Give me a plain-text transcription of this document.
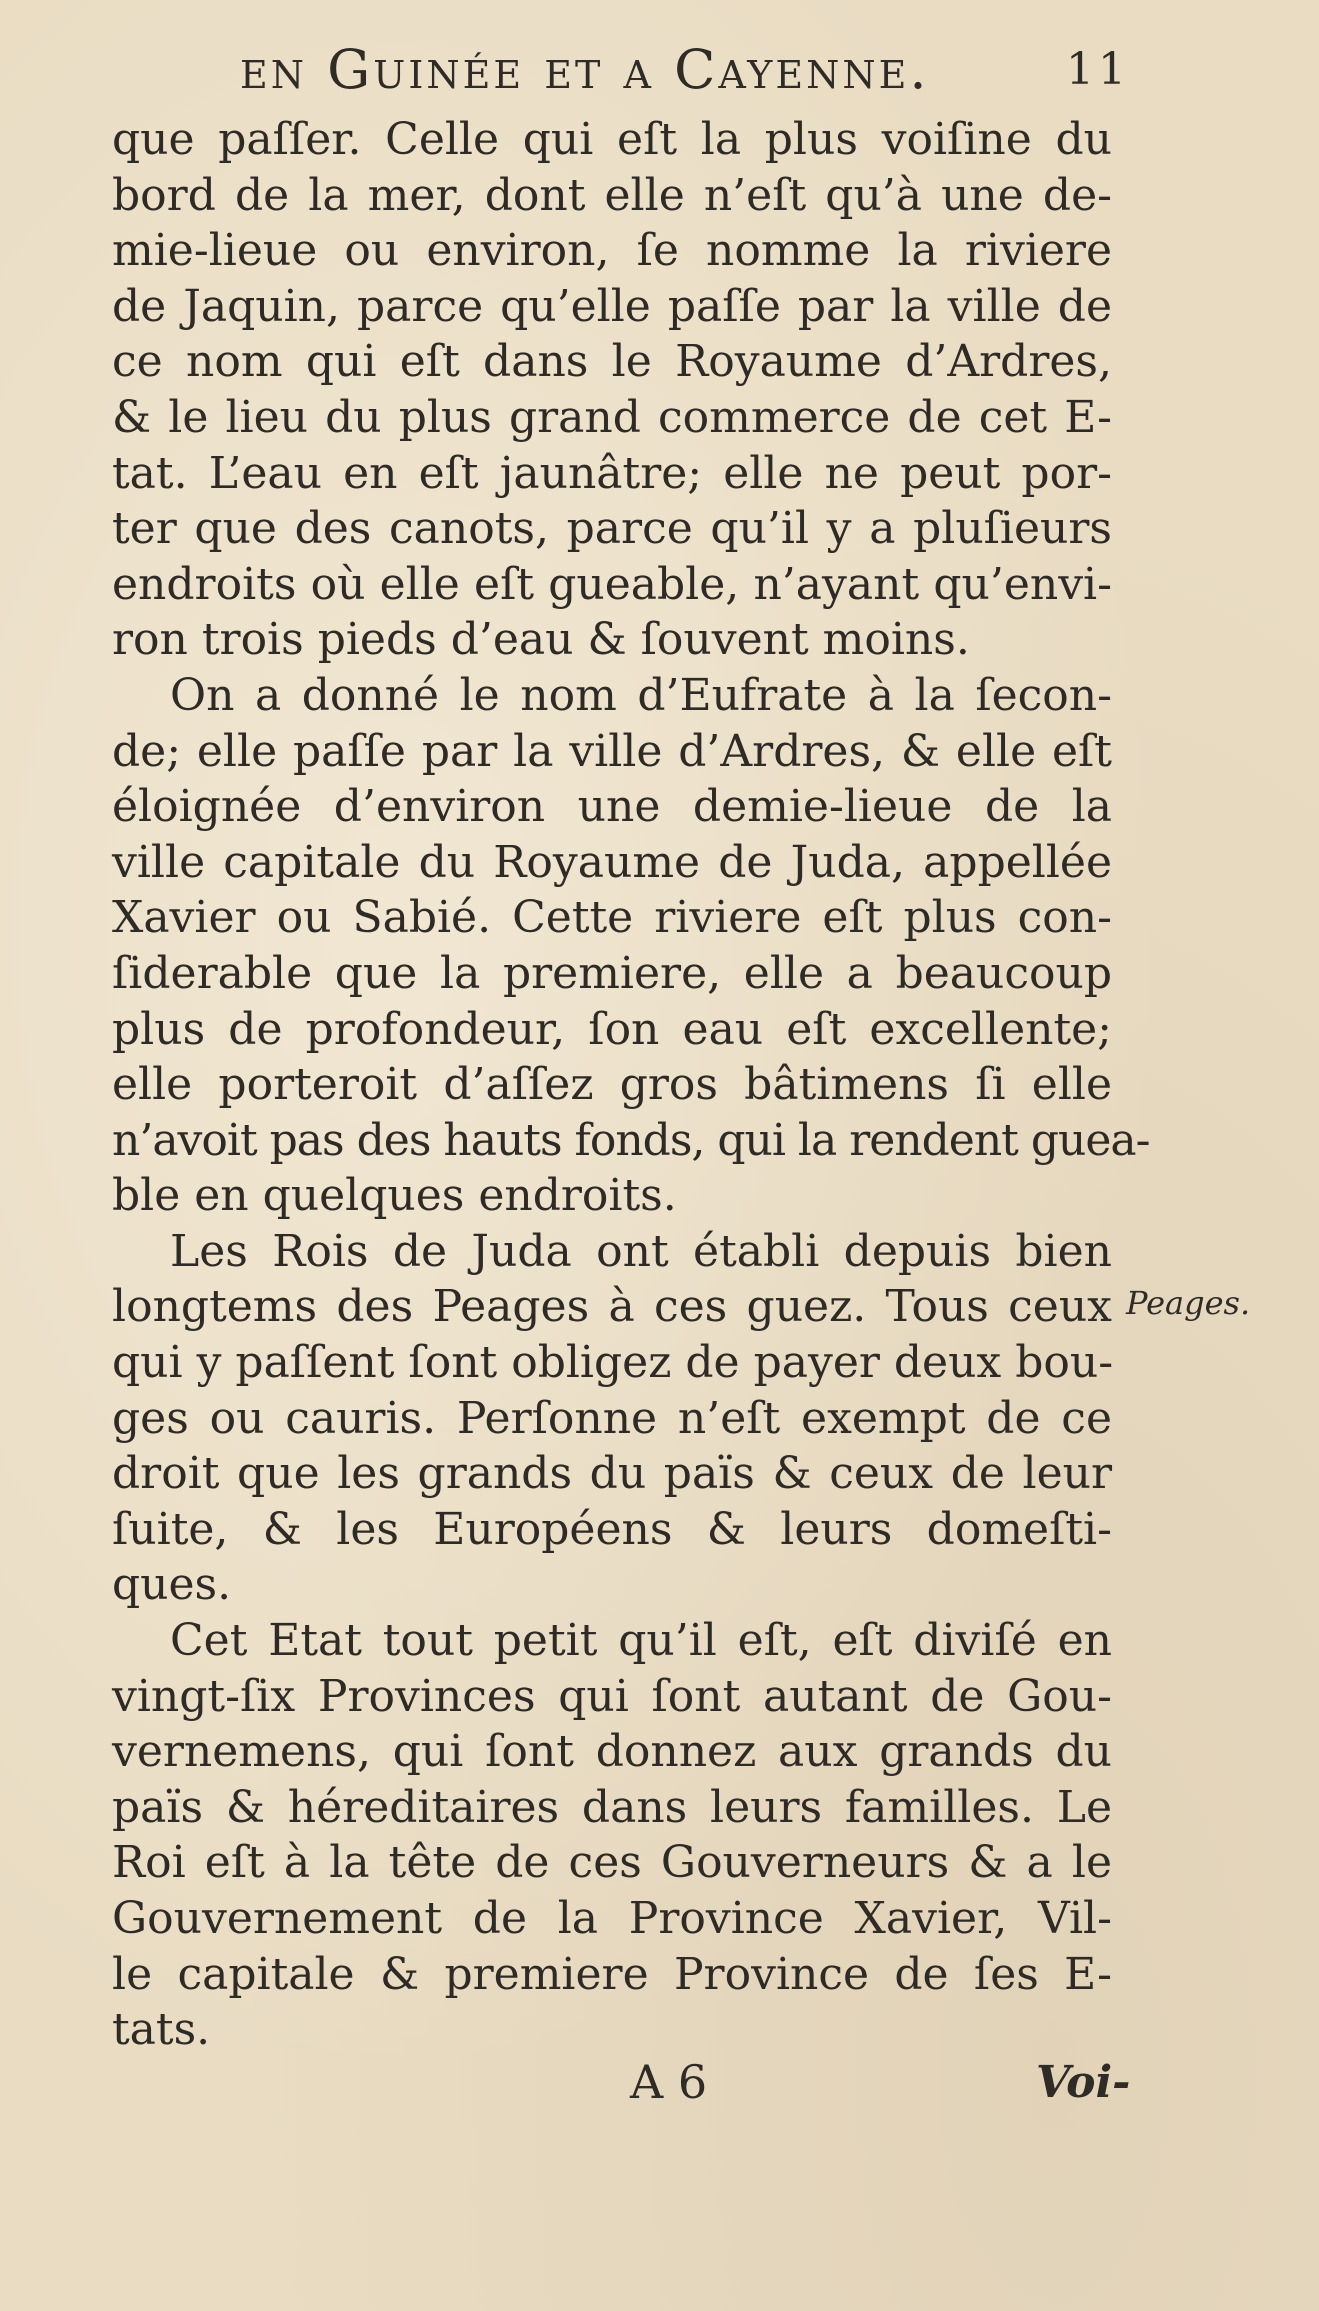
en Guinée et a Cayenne.	11
que paſſer. Celle qui eſt la plus voiſine du
bord de la mer, dont elle n’eſt qu’à une de-
mie-lieue ou environ, ſe nomme la riviere
de Jaquin, parce qu’elle paſſe par la ville de
ce nom qui eſt dans le Royaume d’Ardres,
& le lieu du plus grand commerce de cet E-
tat. L’eau en eſt jaunâtre; elle ne peut por-
ter que des canots, parce qu’il y a pluſieurs
endroits où elle eſt gueable, n’ayant qu’envi-
ron trois pieds d’eau & ſouvent moins.
On a donné le nom d’Eufrate à la ſecon-
de; elle paſſe par la ville d’Ardres, & elle eſt
éloignée d’environ une demie-lieue de la
ville capitale du Royaume de Juda, appellée
Xavier ou Sabié. Cette riviere eſt plus con-
ſiderable que la premiere, elle a beaucoup
plus de profondeur, ſon eau eſt excellente;
elle porteroit d’aſſez gros bâtimens ſi elle
n’avoit pas des hauts fonds, qui la rendent guea-
ble en quelques endroits.
Les Rois de Juda ont établi depuis bien
longtems des Peages à ces guez. Tous ceux
qui y paſſent ſont obligez de payer deux bou-
ges ou cauris. Perſonne n’eſt exempt de ce
droit que les grands du païs & ceux de leur
ſuite, & les Européens & leurs domeſti-
ques.
Cet Etat tout petit qu’il eſt, eſt diviſé en
vingt-ſix Provinces qui ſont autant de Gou-
vernemens, qui ſont donnez aux grands du
païs & héreditaires dans leurs familles. Le
Roi eſt à la tête de ces Gouverneurs & a le
Gouvernement de la Province Xavier, Vil-
le capitale & premiere Province de ſes E-
tats.
Peages.
A 6	Voi-
